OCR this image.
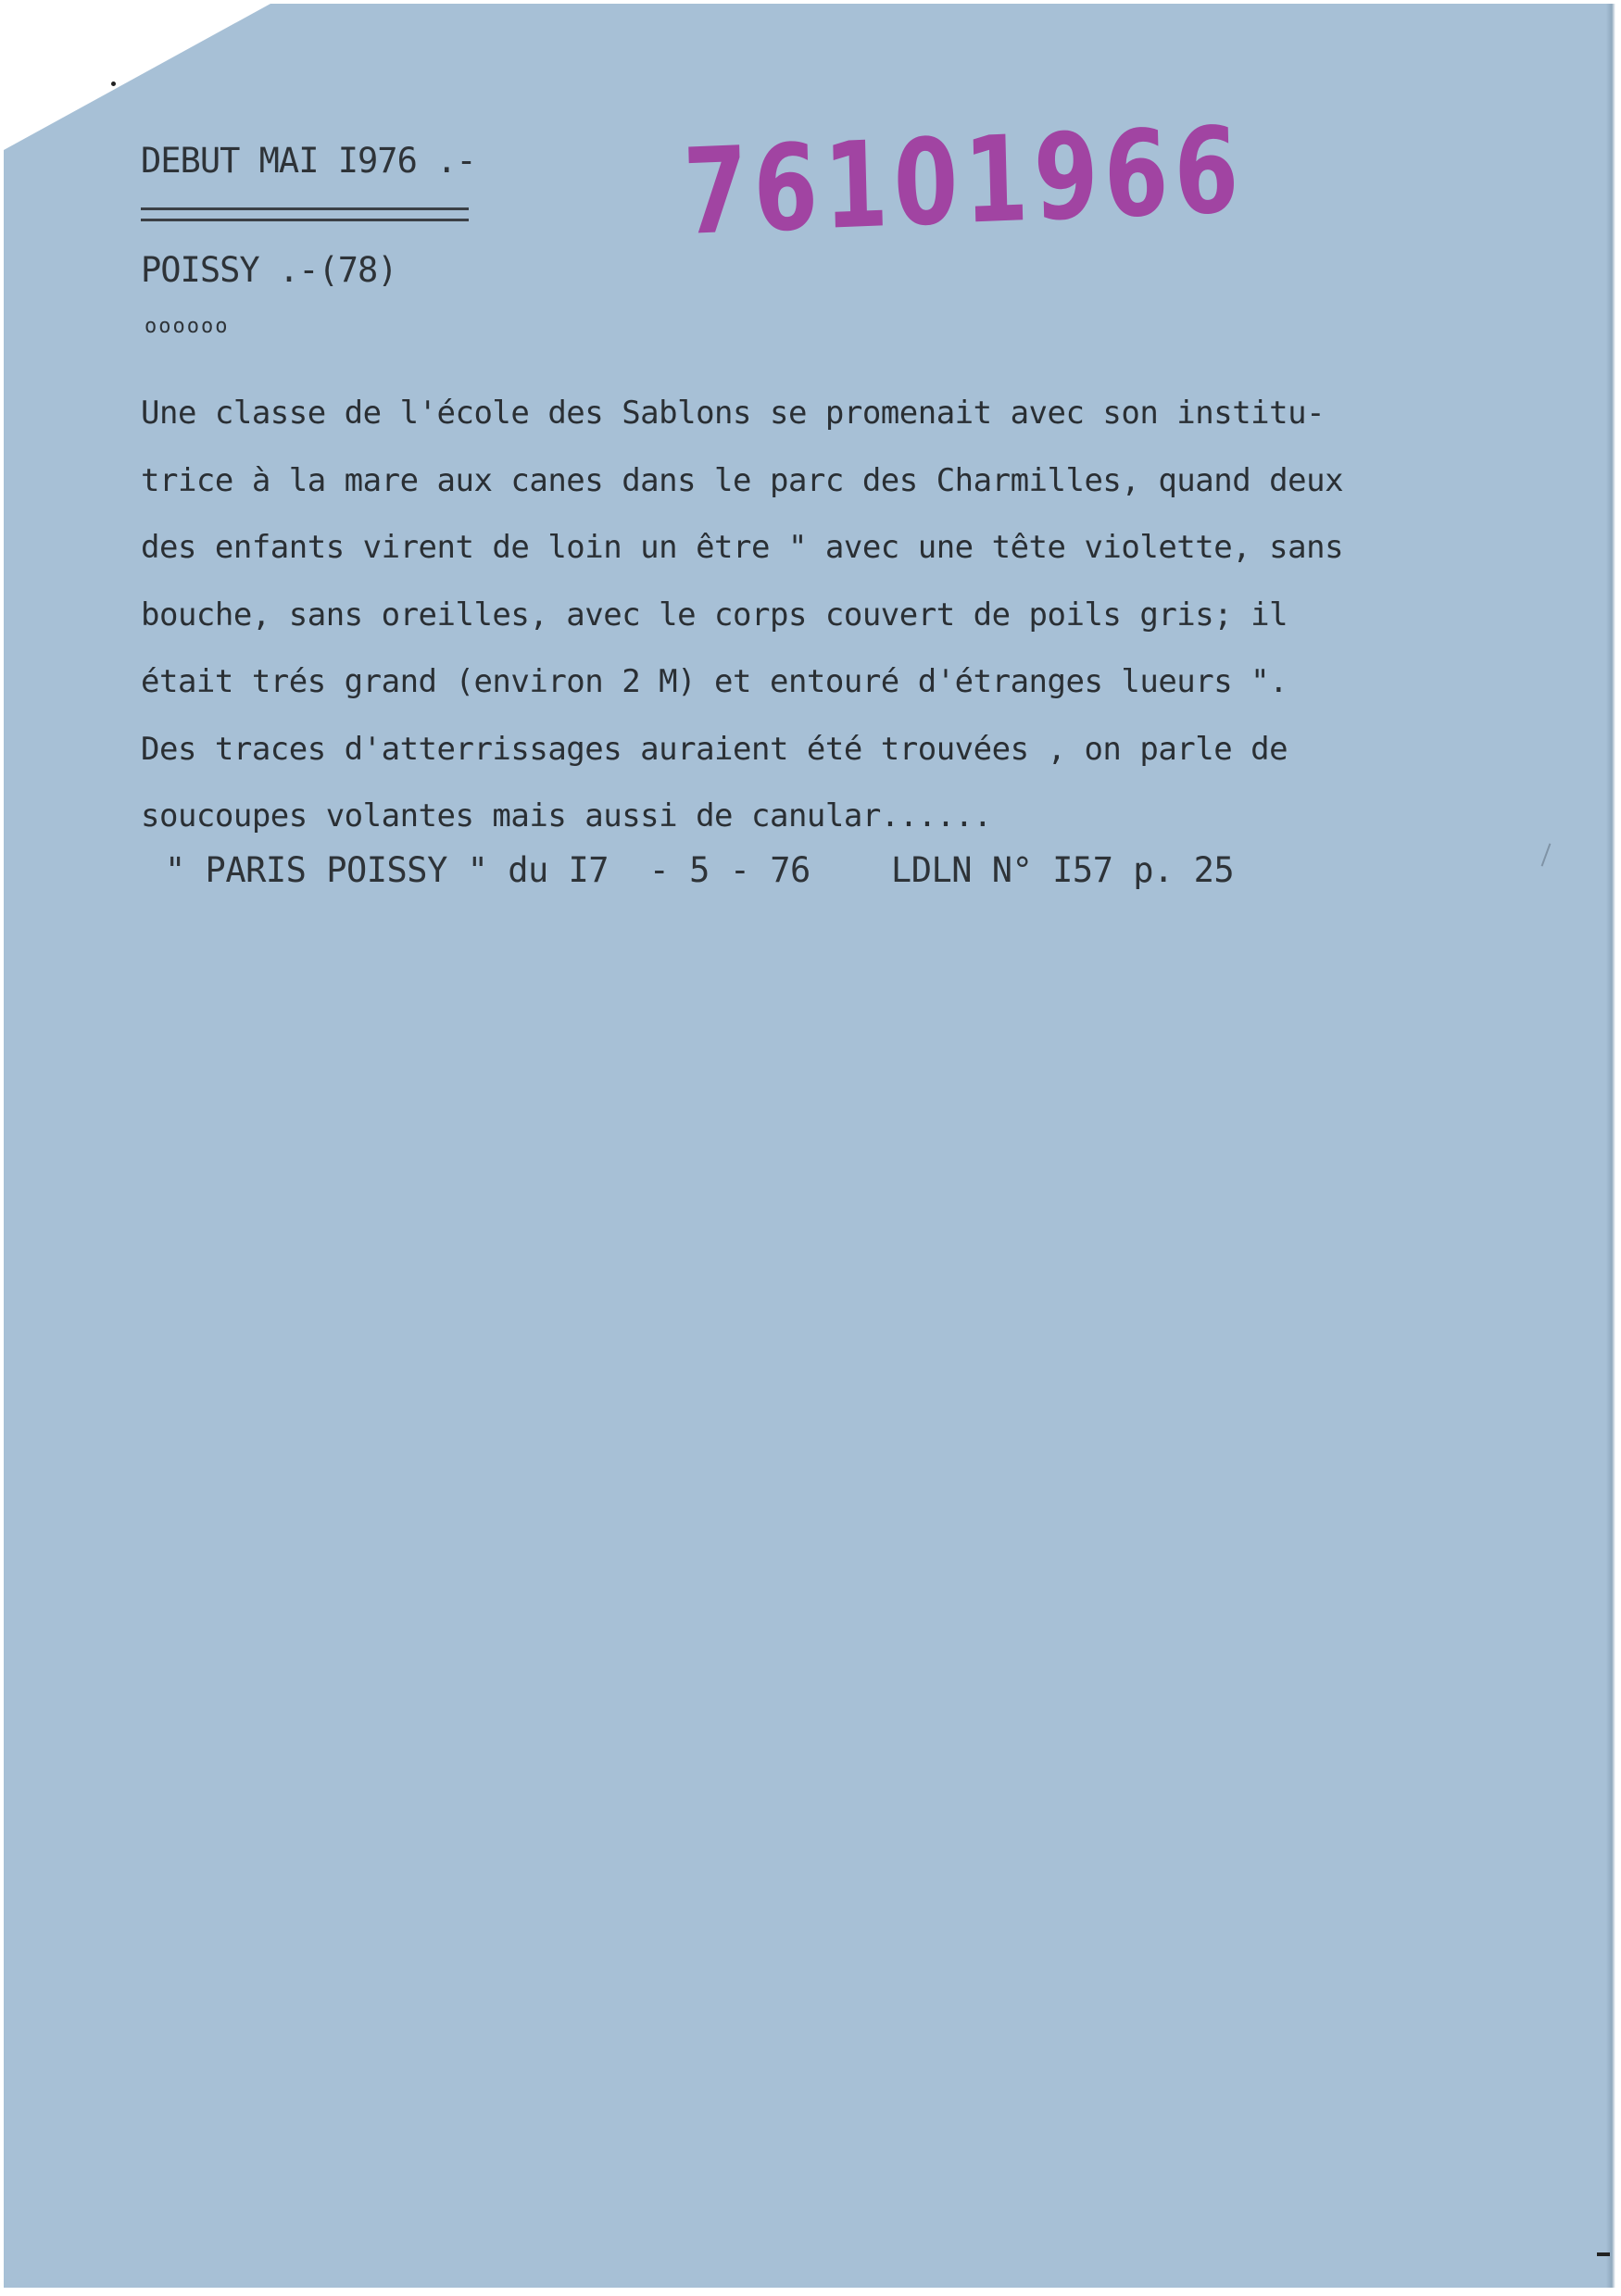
DEBUT MAI I976 .-

POISSY .-(78)

oooooo

76101966
Une classe de l'école des Sablons se promenait avec son institu-
trice à la mare aux canes dans le parc des Charmilles, quand deux
des enfants virent de loin un être " avec une tête violette, sans
bouche, sans oreilles, avec le corps couvert de poils gris; il
était trés grand (environ 2 M) et entouré d'étranges lueurs ".
Des traces d'atterrissages auraient été trouvées , on parle de
soucoupes volantes mais aussi de canular......

" PARIS POISSY " du I7  - 5 - 76    LDLN N° I57 p. 25
